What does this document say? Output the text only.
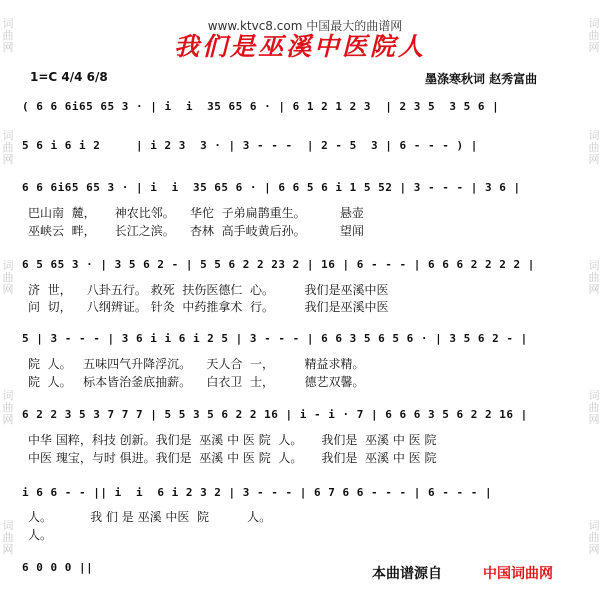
词曲网
词曲网
词曲网
词曲网
词曲网
词曲网
词曲网
词曲网
词曲网
词曲网
www.ktvc8.com 中国最大的曲谱网
我们是巫溪中医院人
1=C 4/4 6/8	墨涤寒秋词 赵秀富曲
( 6 6 6i65 65 3 · | i  i  35 65 6 · | 6 1 2 1 2 3  | 2 3 5  3 5 6 |
5 6 i 6 i 2     | i 2 3  3 · | 3 - - -  | 2 - 5  3 | 6 - - - ) |
6 6 6i65 65 3 · | i  i  35 65 6 · | 6 6 5 6 i 1 5 52 | 3 - - - | 3 6 |
巴山南  麓，     神农比邻。    华佗  子弟扁鹊重生。         悬壶
巫峡云  畔，     长江之滨。    杏林  高手岐黄后孙。         望闻
6 5 65 3 · | 3 5 6 2 - | 5 5 6 2 2 23 2 | 16 | 6 - - - | 6 6 6 2 2 2 2 |
济  世，    八卦五行。 救死  扶伤医德仁  心。        我们是巫溪中医
问  切，    八纲辨证。 针灸  中药推拿术  行。        我们是巫溪中医
5 | 3 - - - | 3 6 i i 6 i 2 5 | 3 - - - | 6 6 3 5 6 5 6 · | 3 5 6 2 - |
院  人。   五味四气升降浮沉。    天人合  一，        精益求精。
院  人。   标本皆治釜底抽薪。    白衣卫  士，        德艺双馨。
6 2 2 3 5 3 7 7 7 | 5 5 3 5 6 2 2 16 | i - i · 7 | 6 6 6 3 5 6 2 2 16 |
中华 国粹，科技 创新。我们是  巫溪 中 医 院  人。     我们是  巫溪 中 医 院
中医 瑰宝，与时 俱进。我们是  巫溪 中 医 院  人。     我们是  巫溪 中 医 院
i 6 6 - - || i  i  6 i 2 3 2 | 3 - - - | 6 7 6 6 - - - | 6 - - - |
人。          我 们 是 巫溪 中医  院          人。
人。
6 0 0 0 ||	本曲谱源自	中国词曲网
